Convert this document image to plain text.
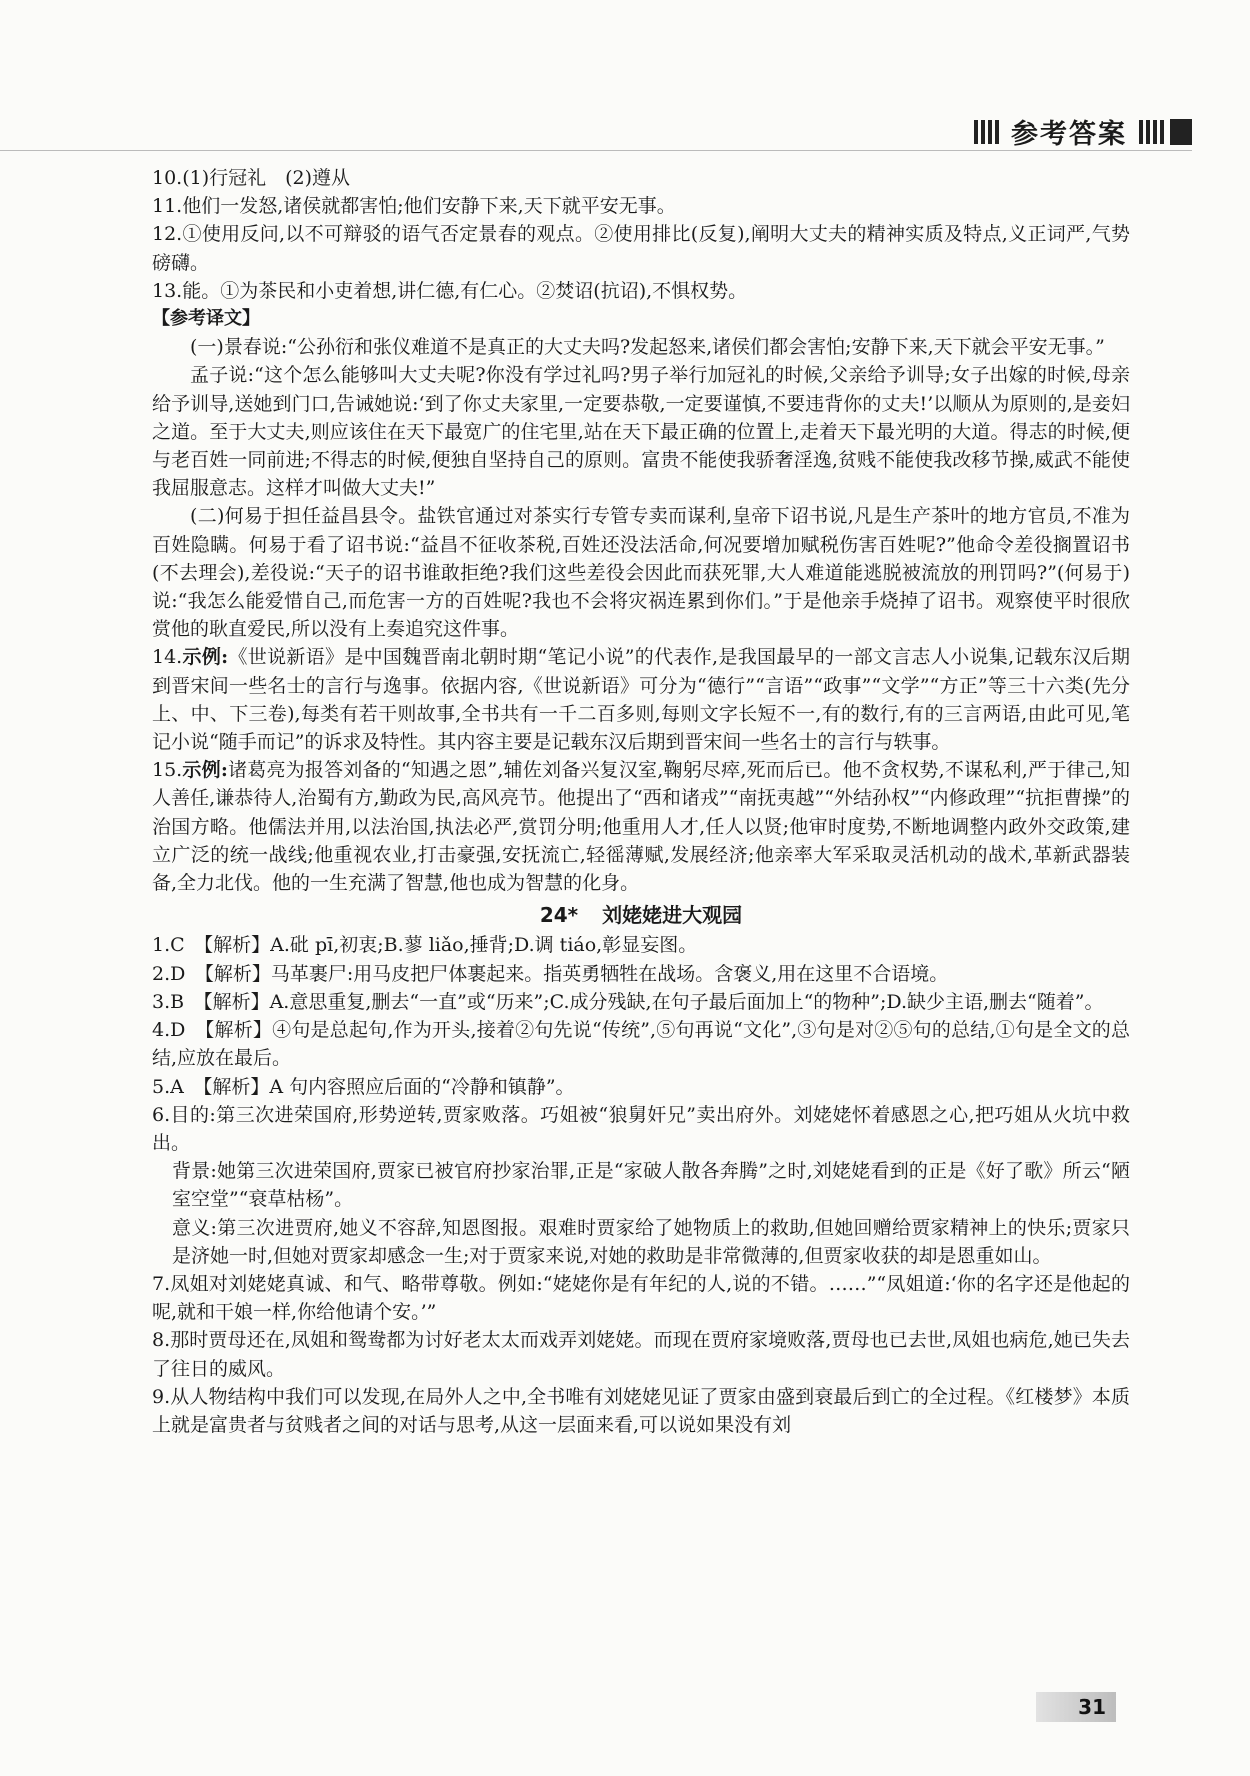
参考答案

10.(1)行冠礼　(2)遵从

11.他们一发怒,诸侯就都害怕;他们安静下来,天下就平安无事。

12.①使用反问,以不可辩驳的语气否定景春的观点。②使用排比(反复),阐明大丈夫的精神实质及特点,义正词严,气势磅礴。

13.能。①为茶民和小吏着想,讲仁德,有仁心。②焚诏(抗诏),不惧权势。

【参考译文】

(一)景春说:“公孙衍和张仪难道不是真正的大丈夫吗?发起怒来,诸侯们都会害怕;安静下来,天下就会平安无事。”

孟子说:“这个怎么能够叫大丈夫呢?你没有学过礼吗?男子举行加冠礼的时候,父亲给予训导;女子出嫁的时候,母亲给予训导,送她到门口,告诫她说:‘到了你丈夫家里,一定要恭敬,一定要谨慎,不要违背你的丈夫!’以顺从为原则的,是妾妇之道。至于大丈夫,则应该住在天下最宽广的住宅里,站在天下最正确的位置上,走着天下最光明的大道。得志的时候,便与老百姓一同前进;不得志的时候,便独自坚持自己的原则。富贵不能使我骄奢淫逸,贫贱不能使我改移节操,威武不能使我屈服意志。这样才叫做大丈夫!”

(二)何易于担任益昌县令。盐铁官通过对茶实行专管专卖而谋利,皇帝下诏书说,凡是生产茶叶的地方官员,不准为百姓隐瞒。何易于看了诏书说:“益昌不征收茶税,百姓还没法活命,何况要增加赋税伤害百姓呢?”他命令差役搁置诏书(不去理会),差役说:“天子的诏书谁敢拒绝?我们这些差役会因此而获死罪,大人难道能逃脱被流放的刑罚吗?”(何易于)说:“我怎么能爱惜自己,而危害一方的百姓呢?我也不会将灾祸连累到你们。”于是他亲手烧掉了诏书。观察使平时很欣赏他的耿直爱民,所以没有上奏追究这件事。

14.示例:《世说新语》是中国魏晋南北朝时期“笔记小说”的代表作,是我国最早的一部文言志人小说集,记载东汉后期到晋宋间一些名士的言行与逸事。依据内容,《世说新语》可分为“德行”“言语”“政事”“文学”“方正”等三十六类(先分上、中、下三卷),每类有若干则故事,全书共有一千二百多则,每则文字长短不一,有的数行,有的三言两语,由此可见,笔记小说“随手而记”的诉求及特性。其内容主要是记载东汉后期到晋宋间一些名士的言行与轶事。

15.示例:诸葛亮为报答刘备的“知遇之恩”,辅佐刘备兴复汉室,鞠躬尽瘁,死而后已。他不贪权势,不谋私利,严于律己,知人善任,谦恭待人,治蜀有方,勤政为民,高风亮节。他提出了“西和诸戎”“南抚夷越”“外结孙权”“内修政理”“抗拒曹操”的治国方略。他儒法并用,以法治国,执法必严,赏罚分明;他重用人才,任人以贤;他审时度势,不断地调整内政外交政策,建立广泛的统一战线;他重视农业,打击豪强,安抚流亡,轻徭薄赋,发展经济;他亲率大军采取灵活机动的战术,革新武器装备,全力北伐。他的一生充满了智慧,他也成为智慧的化身。

24* 刘姥姥进大观园

1.C　【解析】A.砒 pī,初衷;B.蓼 liǎo,捶背;D.调 tiáo,彰显妄图。

2.D　【解析】马革裹尸:用马皮把尸体裹起来。指英勇牺牲在战场。含褒义,用在这里不合语境。

3.B　【解析】A.意思重复,删去“一直”或“历来”;C.成分残缺,在句子最后面加上“的物种”;D.缺少主语,删去“随着”。

4.D　【解析】④句是总起句,作为开头,接着②句先说“传统”,⑤句再说“文化”,③句是对②⑤句的总结,①句是全文的总结,应放在最后。

5.A　【解析】A 句内容照应后面的“冷静和镇静”。

6.目的:第三次进荣国府,形势逆转,贾家败落。巧姐被“狼舅奸兄”卖出府外。刘姥姥怀着感恩之心,把巧姐从火坑中救出。

背景:她第三次进荣国府,贾家已被官府抄家治罪,正是“家破人散各奔腾”之时,刘姥姥看到的正是《好了歌》所云“陋室空堂”“衰草枯杨”。

意义:第三次进贾府,她义不容辞,知恩图报。艰难时贾家给了她物质上的救助,但她回赠给贾家精神上的快乐;贾家只是济她一时,但她对贾家却感念一生;对于贾家来说,对她的救助是非常微薄的,但贾家收获的却是恩重如山。

7.凤姐对刘姥姥真诚、和气、略带尊敬。例如:“姥姥你是有年纪的人,说的不错。……”“凤姐道:‘你的名字还是他起的呢,就和干娘一样,你给他请个安。’”

8.那时贾母还在,凤姐和鸳鸯都为讨好老太太而戏弄刘姥姥。而现在贾府家境败落,贾母也已去世,凤姐也病危,她已失去了往日的威风。

9.从人物结构中我们可以发现,在局外人之中,全书唯有刘姥姥见证了贾家由盛到衰最后到亡的全过程。《红楼梦》本质上就是富贵者与贫贱者之间的对话与思考,从这一层面来看,可以说如果没有刘

31
